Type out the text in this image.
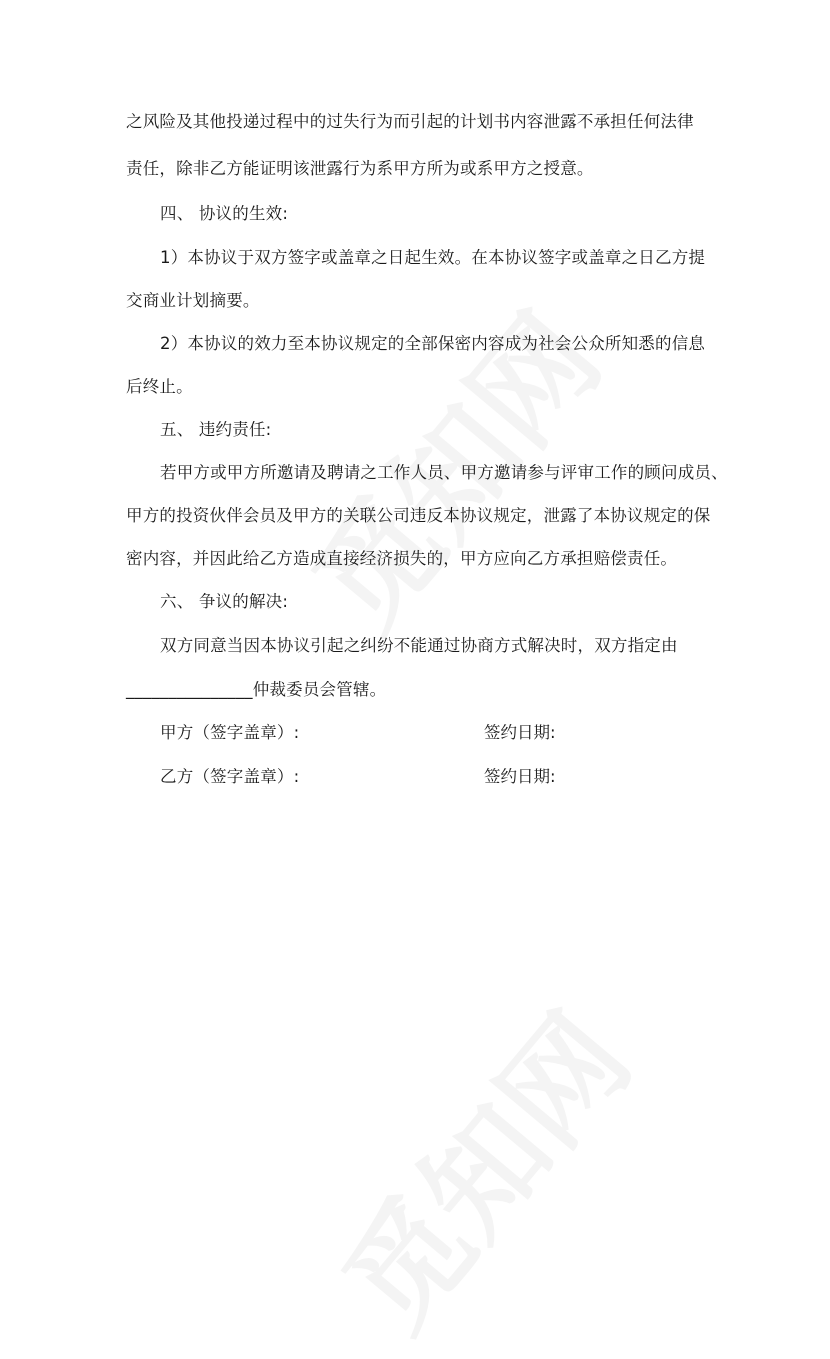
之风险及其他投递过程中的过失行为而引起的计划书内容泄露不承担任何法律
责任，除非乙方能证明该泄露行为系甲方所为或系甲方之授意。
四、 协议的生效:
1）本协议于双方签字或盖章之日起生效。在本协议签字或盖章之日乙方提
交商业计划摘要。
2）本协议的效力至本协议规定的全部保密内容成为社会公众所知悉的信息
后终止。
五、 违约责任:
若甲方或甲方所邀请及聘请之工作人员、甲方邀请参与评审工作的顾问成员、
甲方的投资伙伴会员及甲方的关联公司违反本协议规定，泄露了本协议规定的保
密内容，并因此给乙方造成直接经济损失的，甲方应向乙方承担赔偿责任。
六、 争议的解决:
双方同意当因本协议引起之纠纷不能通过协商方式解决时，双方指定由
_______________仲裁委员会管辖。
甲方（签字盖章）:	签约日期:
乙方（签字盖章）:	签约日期:
